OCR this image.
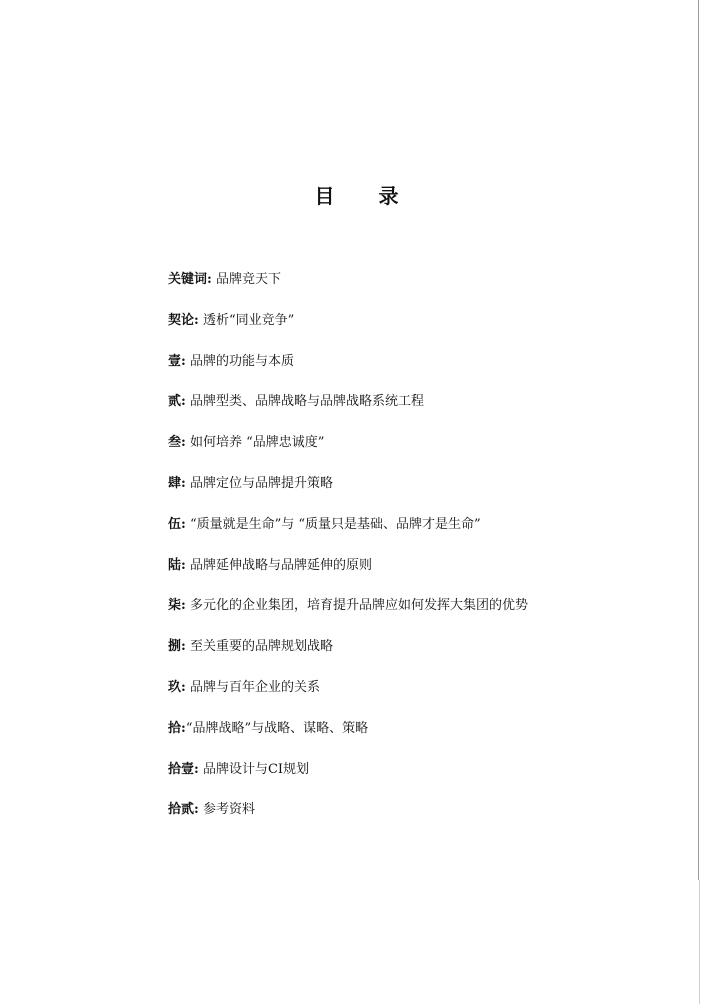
目 录
关键词: 品牌竞天下
契论: 透析“同业竞争”
壹: 品牌的功能与本质
贰: 品牌型类、品牌战略与品牌战略系统工程
叁: 如何培养 “品牌忠诚度”
肆: 品牌定位与品牌提升策略
伍: “质量就是生命”与 “质量只是基础、品牌才是生命”
陆: 品牌延伸战略与品牌延伸的原则
柒: 多元化的企业集团，培育提升品牌应如何发挥大集团的优势
捌: 至关重要的品牌规划战略
玖: 品牌与百年企业的关系
拾:“品牌战略”与战略、谋略、策略
拾壹: 品牌设计与CI规划
拾贰: 参考资料
